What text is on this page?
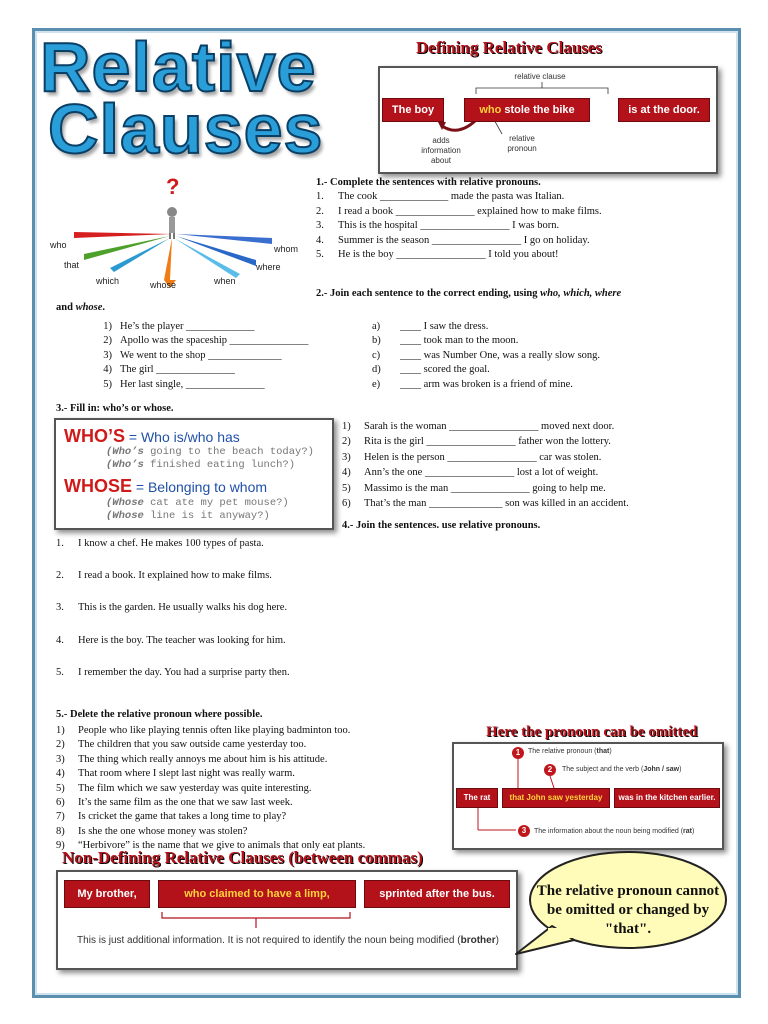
Relative
Clauses
Defining Relative Clauses
relative clause
The boy	who stole the bike	is at the door.
adds information about
relative pronoun
?
who
that
which	whose	when
where
whom
1.- Complete the sentences with relative pronouns.
1.	The cook _____________ made the pasta was Italian.
2.	I read a book _______________ explained how to make films.
3.	This is the hospital _________________ I was born.
4.	Summer is the season _________________ I go on holiday.
5.	He is the boy _________________ I told you about!
2.- Join each sentence to the correct ending, using who, which, where
and whose.
1) He’s the player _____________
2) Apollo was the spaceship _______________
3) We went to the shop ______________
4) The girl _______________
5) Her last single, _______________
a)	____ I saw the dress.
b)	____ took man to the moon.
c)	____ was Number One, was a really slow song.
d)	____ scored the goal.
e)	____ arm was broken is a friend of mine.
3.- Fill in: who’s or whose.
WHO’S = Who is/who has
(Who’s going to the beach today?)
(Who’s finished eating lunch?)
WHOSE = Belonging to whom
(Whose cat ate my pet mouse?)
(Whose line is it anyway?)
1)	Sarah is the woman _________________ moved next door.
2)	Rita is the girl _________________ father won the lottery.
3)	Helen is the person _________________ car was stolen.
4)	Ann’s the one _________________ lost a lot of weight.
5)	Massimo is the man _______________ going to help me.
6)	That’s the man ______________ son was killed in an accident.
4.- Join the sentences. use relative pronouns.
1.	I know a chef. He makes 100 types of pasta.
2.	I read a book. It explained how to make films.
3.	This is the garden. He usually walks his dog here.
4.	Here is the boy. The teacher was looking for him.
5.	I remember the day. You had a surprise party then.
5.- Delete the relative pronoun where possible.
1)	People who like playing tennis often like playing badminton too.
2)	The children that you saw outside came yesterday too.
3)	The thing which really annoys me about him is his attitude.
4)	That room where I slept last night was really warm.
5)	The film which we saw yesterday was quite interesting.
6)	It’s the same film as the one that we saw last week.
7)	Is cricket the game that takes a long time to play?
8)	Is she the one whose money was stolen?
9)	“Herbivore” is the name that we give to animals that only eat plants.
Here the pronoun can be omitted
1	The relative pronoun (that)
2	The subject and the verb (John / saw)
The rat	that John saw yesterday	was in the kitchen earlier.
3	The information about the noun being modified (rat)
Non-Defining Relative Clauses (between commas)
My brother,	who claimed to have a limp,	sprinted after the bus.
This is just additional information. It is not required to identify the noun being modified (brother)
The relative pronoun cannot be omitted or changed by "that".
